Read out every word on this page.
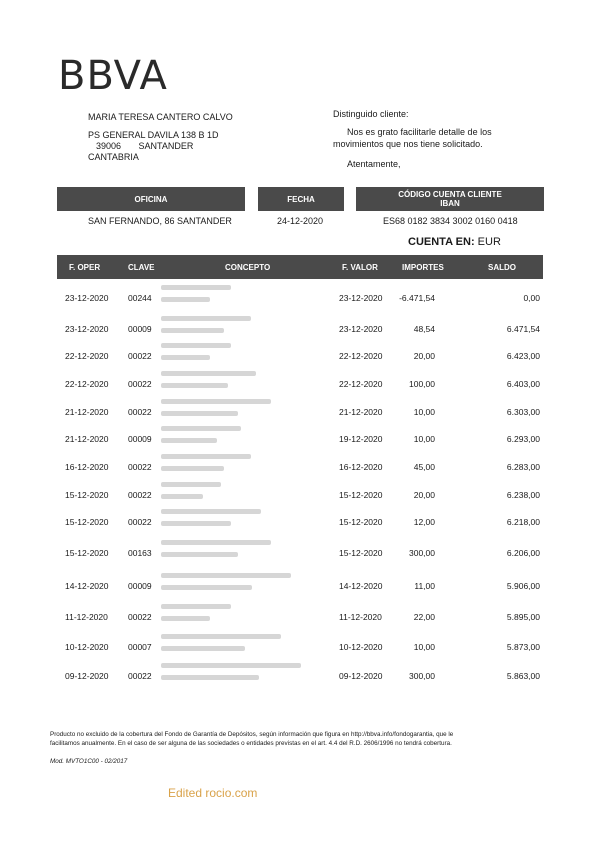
BBVA
MARIA TERESA CANTERO CALVO
PS GENERAL DAVILA 138 B 1D
39006       SANTANDER
CANTABRIA
Distinguido cliente:
Nos es grato facilitarle detalle de los
movimientos que nos tiene solicitado.
Atentamente,
OFICINA	FECHA	CÓDIGO CUENTA CLIENTE
IBAN
SAN FERNANDO, 86 SANTANDER	24-12-2020	ES68 0182 3834 3002 0160 0418
CUENTA EN: EUR
F. OPER	CLAVE	CONCEPTO	F. VALOR	IMPORTES	SALDO
23-12-2020 00244	23-12-2020 -6.471,54	0,00
23-12-2020 00009	23-12-2020	48,54	6.471,54
22-12-2020 00022	22-12-2020	20,00	6.423,00
22-12-2020 00022	22-12-2020	100,00	6.403,00
21-12-2020 00022	21-12-2020	10,00	6.303,00
21-12-2020 00009	19-12-2020	10,00	6.293,00
16-12-2020 00022	16-12-2020	45,00	6.283,00
15-12-2020 00022	15-12-2020	20,00	6.238,00
15-12-2020 00022	15-12-2020	12,00	6.218,00
15-12-2020 00163	15-12-2020	300,00	6.206,00
14-12-2020 00009	14-12-2020	11,00	5.906,00
11-12-2020 00022	11-12-2020	22,00	5.895,00
10-12-2020 00007	10-12-2020	10,00	5.873,00
09-12-2020 00022	09-12-2020	300,00	5.863,00
Producto no excluido de la cobertura del Fondo de Garantía de Depósitos, según información que figura en http://bbva.info/fondogarantia, que le
facilitamos anualmente. En el caso de ser alguna de las sociedades o entidades previstas en el art. 4.4 del R.D. 2606/1996 no tendrá cobertura.
Mod. MVTO1C00 - 02/2017
Edited rocio.com
